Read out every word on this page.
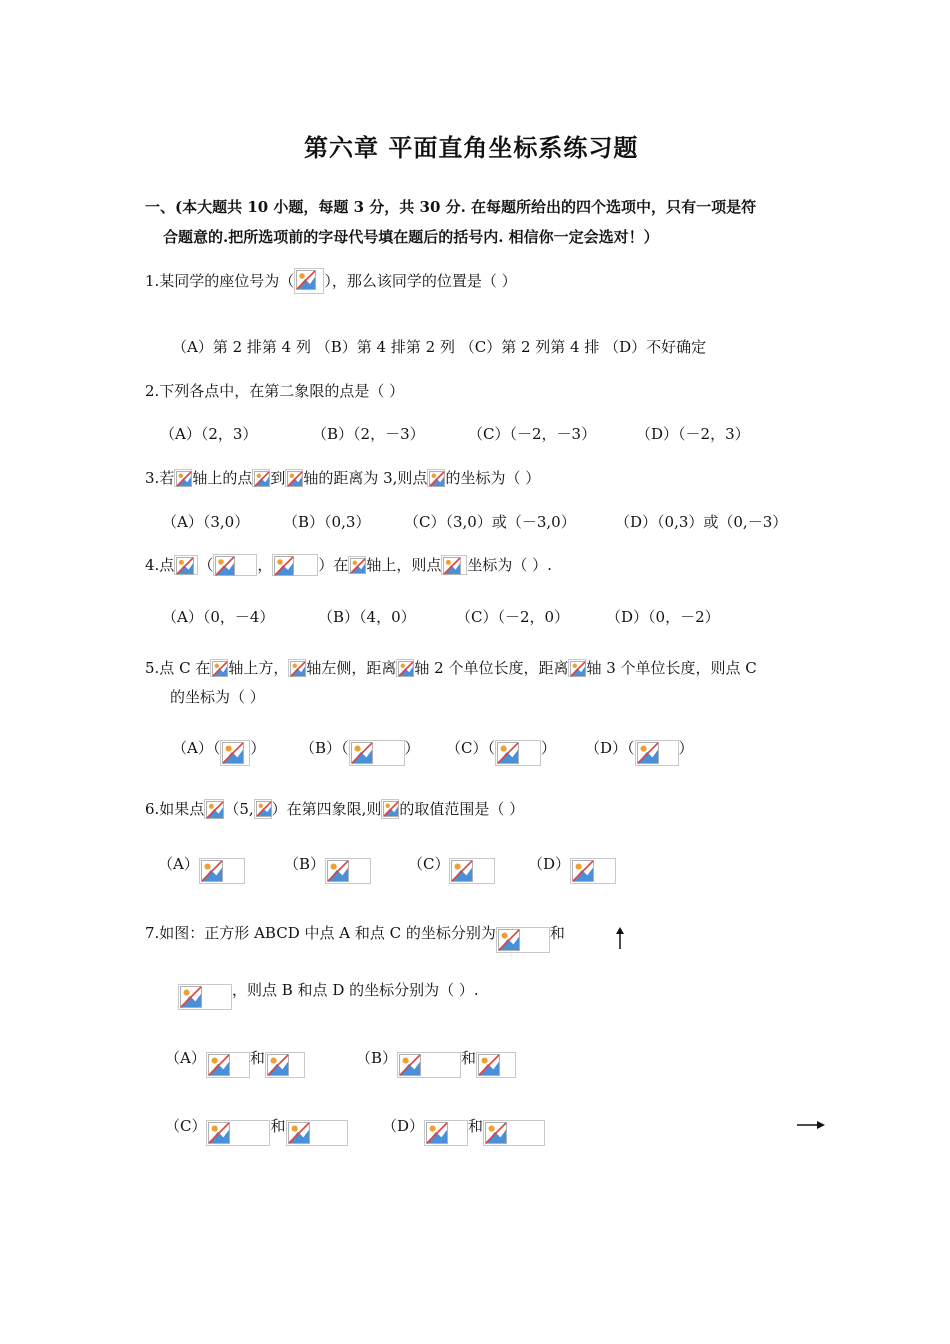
第六章 平面直角坐标系练习题
一、(本大题共 10 小题，每题 3 分，共 30 分. 在每题所给出的四个选项中，只有一项是符
合题意的.把所选项前的字母代号填在题后的括号内. 相信你一定会选对！）
1.某同学的座位号为（ ），那么该同学的位置是（ ）
（A）第 2 排第 4 列 （B）第 4 排第 2 列 （C）第 2 列第 4 排 （D）不好确定
2.下列各点中，在第二象限的点是（ ）
（A）（2，3）	（B）（2，－3）	（C）（－2，－3）	（D）（－2，3）
3.若 轴上的点 到 轴的距离为 3,则点 的坐标为（ ）
（A）（3,0） （B）（0,3） （C）（3,0）或（－3,0）	（D）（0,3）或（0,－3）
4.点 （	，	）在 轴上，则点 坐标为（ ）.
（A）（0，－4）	（B）（4，0）	（C）（－2，0） （D）（0，－2）
5.点 C 在 轴上方， 轴左侧，距离 轴 2 个单位长度，距离 轴 3 个单位长度，则点 C
的坐标为（ ）
（A）（ ） （B）（	） （C）（	） （D）（	）
6.如果点 （5, ）在第四象限,则 的取值范围是（ ）
（A）	（B）	（C）	（D）
7.如图：正方形 ABCD 中点 A 和点 C 的坐标分别为	和
，则点 B 和点 D 的坐标分别为（ ）.
（A）	和	（B）	和
（C）	和	（D）	和
